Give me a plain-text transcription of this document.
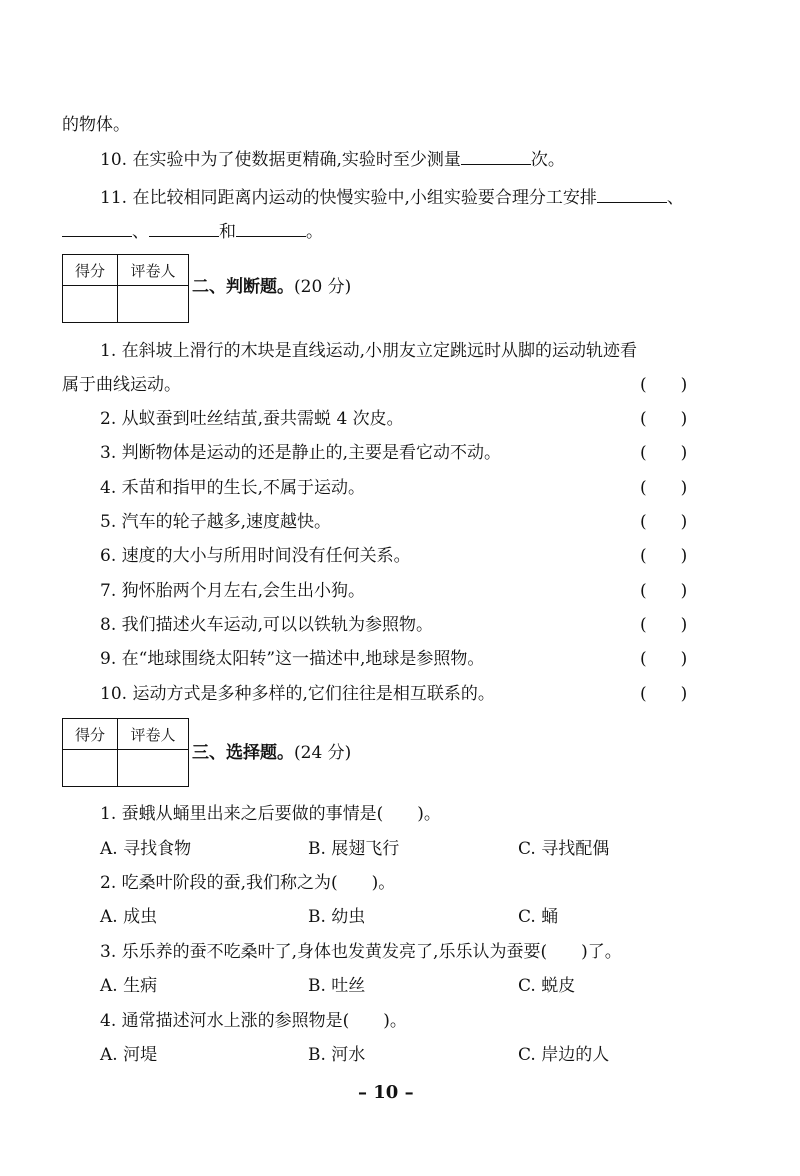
的物体。
10. 在实验中为了使数据更精确,实验时至少测量	次。
11. 在比较相同距离内运动的快慢实验中,小组实验要合理分工安排	、
、	和	。
得分	评卷人

二、判断题。(20 分)
1. 在斜坡上滑行的木块是直线运动,小朋友立定跳远时从脚的运动轨迹看
属于曲线运动。	(　　)
2. 从蚁蚕到吐丝结茧,蚕共需蜕 4 次皮。	(　　)
3. 判断物体是运动的还是静止的,主要是看它动不动。	(　　)
4. 禾苗和指甲的生长,不属于运动。	(　　)
5. 汽车的轮子越多,速度越快。	(　　)
6. 速度的大小与所用时间没有任何关系。	(　　)
7. 狗怀胎两个月左右,会生出小狗。	(　　)
8. 我们描述火车运动,可以以铁轨为参照物。	(　　)
9. 在“地球围绕太阳转”这一描述中,地球是参照物。	(　　)
10. 运动方式是多种多样的,它们往往是相互联系的。	(　　)
得分	评卷人

三、选择题。(24 分)
1. 蚕蛾从蛹里出来之后要做的事情是(　　)。
A. 寻找食物	B. 展翅飞行	C. 寻找配偶
2. 吃桑叶阶段的蚕,我们称之为(　　)。
A. 成虫	B. 幼虫	C. 蛹
3. 乐乐养的蚕不吃桑叶了,身体也发黄发亮了,乐乐认为蚕要(　　)了。
A. 生病	B. 吐丝	C. 蜕皮
4. 通常描述河水上涨的参照物是(　　)。
A. 河堤	B. 河水	C. 岸边的人
– 10 –
